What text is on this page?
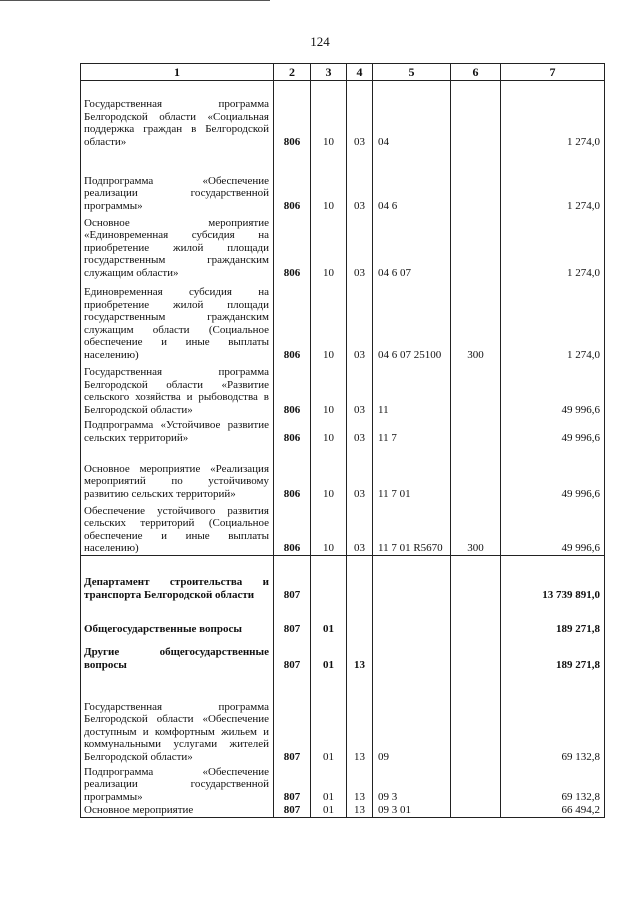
124
1	2	3	4	5	6	7
Государственная программа Белгородской области «Социальная поддержка граждан в Белгородской области»	806	10	03	04		1 274,0
Подпрограмма «Обеспечение реализации государственной программы»	806	10	03	04 6		1 274,0
Основное мероприятие «Единовременная субсидия на приобретение жилой площади государственным гражданским служащим области»	806	10	03	04 6 07		1 274,0
Единовременная субсидия на приобретение жилой площади государственным гражданским служащим области (Социальное обеспечение и иные выплаты населению)	806	10	03	04 6 07 25100	300	1 274,0
Государственная программа Белгородской области «Развитие сельского хозяйства и рыбоводства в Белгородской области»	806	10	03	11		49 996,6
Подпрограмма «Устойчивое развитие сельских территорий»	806	10	03	11 7		49 996,6
Основное мероприятие «Реализация мероприятий по устойчивому развитию сельских территорий»	806	10	03	11 7 01		49 996,6
Обеспечение устойчивого развития сельских территорий (Социальное обеспечение и иные выплаты населению)	806	10	03	11 7 01 R5670	300	49 996,6
Департамент строительства и транспорта Белгородской области	807					13 739 891,0
Общегосударственные вопросы	807	01				189 271,8
Другие общегосударственные вопросы	807	01	13			189 271,8
Государственная программа Белгородской области «Обеспечение доступным и комфортным жильем и коммунальными услугами жителей Белгородской области»	807	01	13	09		69 132,8
Подпрограмма «Обеспечение реализации государственной программы»	807	01	13	09 3		69 132,8
Основное мероприятие	807	01	13	09 3 01		66 494,2
